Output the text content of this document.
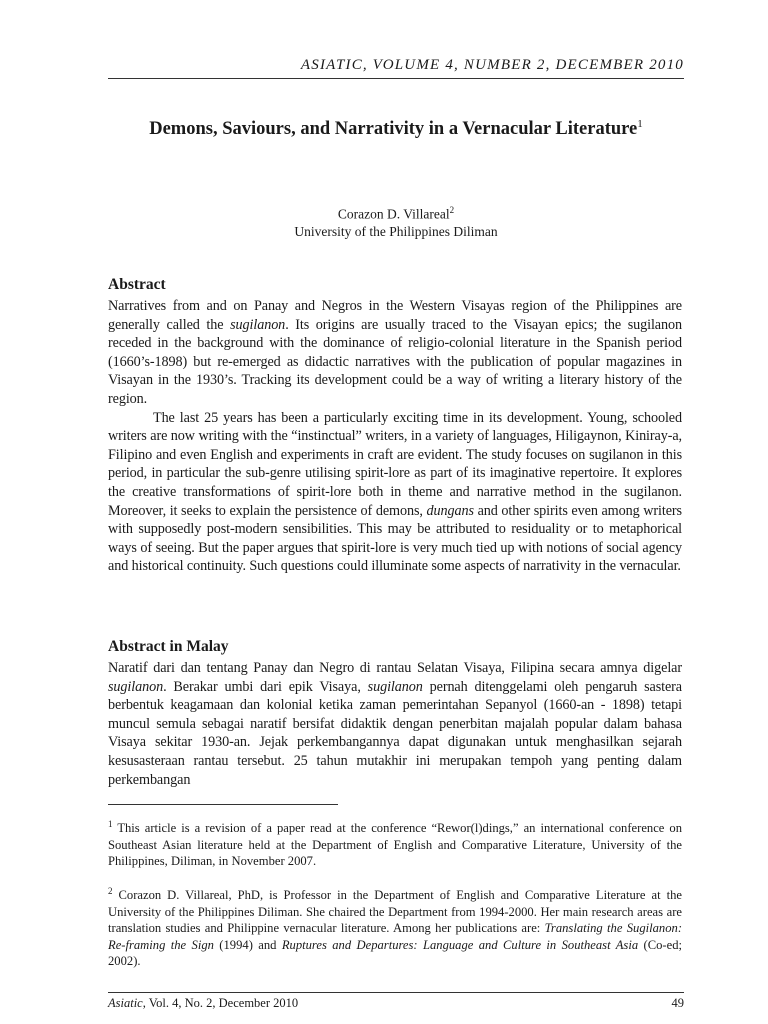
ASIATIC, VOLUME 4, NUMBER 2, DECEMBER 2010
Demons, Saviours, and Narrativity in a Vernacular Literature$^1$
Corazon D. Villareal$^2$
University of the Philippines Diliman
Abstract

Narratives from and on Panay and Negros in the Western Visayas region of the Philippines are generally called the sugilanon. Its origins are usually traced to the Visayan epics; the sugilanon receded in the background with the dominance of religio-colonial literature in the Spanish period (1660’s-1898) but re-emerged as didactic narratives with the publication of popular magazines in Visayan in the 1930’s. Tracking its development could be a way of writing a literary history of the region.

The last 25 years has been a particularly exciting time in its development. Young, schooled writers are now writing with the “instinctual” writers, in a variety of languages, Hiligaynon, Kiniray-a, Filipino and even English and experiments in craft are evident. The study focuses on sugilanon in this period, in particular the sub-genre utilising spirit-lore as part of its imaginative repertoire. It explores the creative transformations of spirit-lore both in theme and narrative method in the sugilanon. Moreover, it seeks to explain the persistence of demons, dungans and other spirits even among writers with supposedly post-modern sensibilities. This may be attributed to residuality or to metaphorical ways of seeing. But the paper argues that spirit-lore is very much tied up with notions of social agency and historical continuity. Such questions could illuminate some aspects of narrativity in the vernacular.

Abstract in Malay

Naratif dari dan tentang Panay dan Negro di rantau Selatan Visaya, Filipina secara amnya digelar sugilanon. Berakar umbi dari epik Visaya, sugilanon pernah ditenggelami oleh pengaruh sastera berbentuk keagamaan dan kolonial ketika zaman pemerintahan Sepanyol (1660-an - 1898) tetapi muncul semula sebagai naratif bersifat didaktik dengan penerbitan majalah popular dalam bahasa Visaya sekitar 1930-an. Jejak perkembangannya dapat digunakan untuk menghasilkan sejarah kesusasteraan rantau tersebut. 25 tahun mutakhir ini merupakan tempoh yang penting dalam perkembangan

$^1$ This article is a revision of a paper read at the conference “Rewor(l)dings,” an international conference on Southeast Asian literature held at the Department of English and Comparative Literature, University of the Philippines, Diliman, in November 2007.

$^2$ Corazon D. Villareal, PhD, is Professor in the Department of English and Comparative Literature at the University of the Philippines Diliman. She chaired the Department from 1994-2000. Her main research areas are translation studies and Philippine vernacular literature. Among her publications are: Translating the Sugilanon: Re-framing the Sign (1994) and Ruptures and Departures: Language and Culture in Southeast Asia (Co-ed; 2002).

Asiatic, Vol. 4, No. 2, December 2010	49
